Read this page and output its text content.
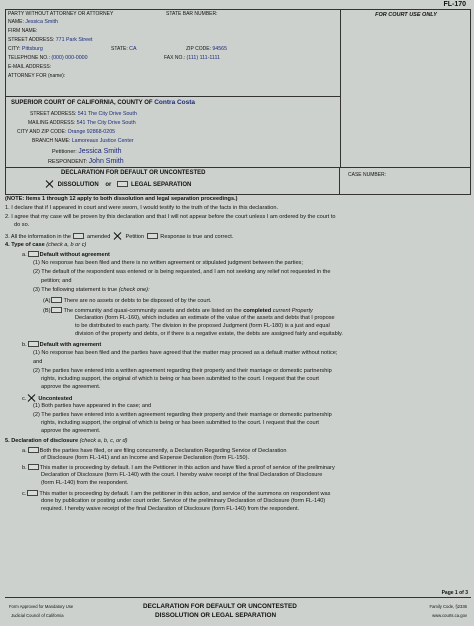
FL-170
PARTY WITHOUT ATTORNEY OR ATTORNEY	STATE BAR NUMBER:
NAME: Jessica Smith
FIRM NAME:
STREET ADDRESS: 771 Park Street
CITY: Pittsburg	STATE: CA	ZIP CODE: 94565
TELEPHONE NO.: (000) 000-0000	FAX NO.: (111) 111-1111
E-MAIL ADDRESS:
ATTORNEY FOR (name):
FOR COURT USE ONLY
SUPERIOR COURT OF CALIFORNIA, COUNTY OF Contra Costa
STREET ADDRESS: 541 The City Drive South
MAILING ADDRESS: 541 The City Drive South
CITY AND ZIP CODE: Orange 92868-0205
BRANCH NAME: Lamoreaux Justice Center
Petitioner: Jessica Smith
RESPONDENT: John Smith
DECLARATION FOR DEFAULT OR UNCONTESTED
DISSOLUTION or	LEGAL SEPARATION
CASE NUMBER:
(NOTE: Items 1 through 12 apply to both dissolution and legal separation proceedings.)
1. I declare that if I appeared in court and were sworn, I would testify to the truth of the facts in this declaration.
2. I agree that my case will be proven by this declaration and that I will not appear before the court unless I am ordered by the court to
do so.
3. All the information in the	amended	Petition	Response is true and correct.
4. Type of case (check a, b or c)
a. Default without agreement
(1) No response has been filed and there is no written agreement or stipulated judgment between the parties;
(2) The default of the respondent was entered or is being requested, and I am not seeking any relief not requested in the
petition; and
(3) The following statement is true (check one):
(A) There are no assets or debts to be disposed of by the court.
(B) The community and quasi-community assets and debts are listed on the completed current Property
Declaration (form FL-160), which includes an estimate of the value of the assets and debts that I propose
to be distributed to each party. The division in the proposed Judgment (form FL-180) is a just and equal
division of the property and debts, or if there is a negative estate, the debts are assigned fairly and equitably.
b. Default with agreement
(1) No response has been filed and the parties have agreed that the matter may proceed as a default matter without notice;
and
(2) The parties have entered into a written agreement regarding their property and their marriage or domestic partnership
rights, including support, the original of which is being or has been submitted to the court. I request that the court
approve the agreement.
c. Uncontested
(1) Both parties have appeared in the case; and
(2) The parties have entered into a written agreement regarding their property and their marriage or domestic partnership
rights, including support, the original of which is being or has been submitted to the court. I request that the court
approve the agreement.
5. Declaration of disclosure (check a, b, c, or d)
a. Both the parties have filed, or are filing concurrently, a Declaration Regarding Service of Declaration
of Disclosure (form FL-141) and an Income and Expense Declaration (form FL-150).
b. This matter is proceeding by default. I am the Petitioner in this action and have filed a proof of service of the preliminary
Declaration of Disclosure (form FL-140) with the court. I hereby waive receipt of the final Declaration of Disclosure
(form FL-140) from the respondent.
c. This matter is proceeding by default. I am the petitioner in this action, and service of the summons on respondent was
done by publication or posting under court order. Service of the preliminary Declaration of Disclosure (form FL-140)
required. I hereby waive receipt of the final Declaration of Disclosure (form FL-140) from the respondent.
Page 1 of 3
Form Approved for Mandatory Use
Judicial Council of California
DECLARATION FOR DEFAULT OR UNCONTESTED
DISSOLUTION OR LEGAL SEPARATION
Family Code, §2336
www.courts.ca.gov
